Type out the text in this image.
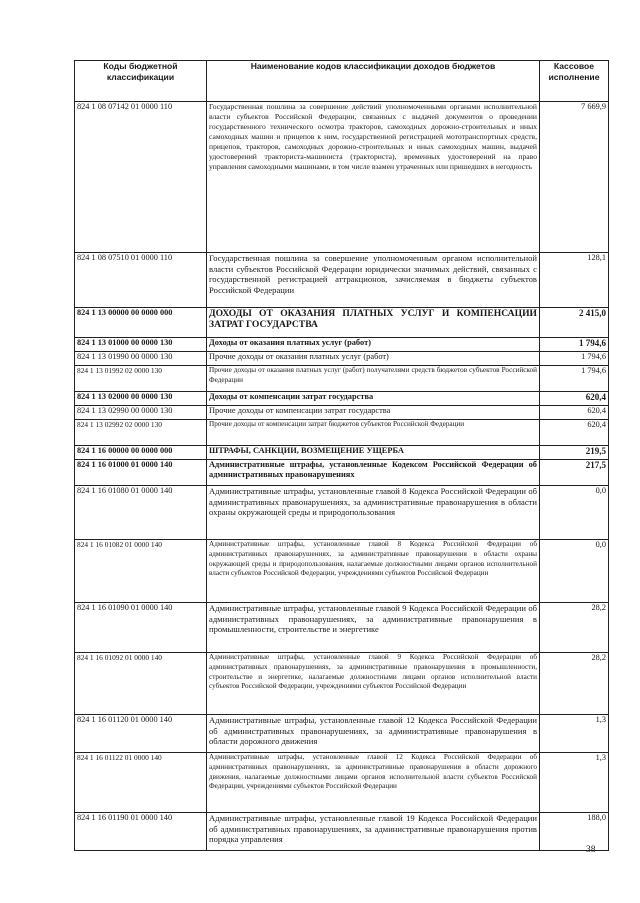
Коды бюджетной классификации	Наименование кодов классификации доходов бюджетов	Кассовое исполнение
824 1 08 07142 01 0000 110	Государственная пошлина за совершение действий уполномоченными органами исполнительной власти субъектов Российской Федерации, связанных с выдачей документов о проведении государственного технического осмотра тракторов, самоходных дорожно-строительных и иных самоходных машин и прицепов к ним, государственной регистрацией мототранспортных средств, прицепов, тракторов, самоходных дорожно-строительных и иных самоходных машин, выдачей удостоверений тракториста-машиниста (тракториста), временных удостоверений на право управления самоходными машинами, в том числе взамен утраченных или пришедших в негодность	7 669,9
824 1 08 07510 01 0000 110	Государственная пошлина за совершение уполномоченным органом исполнительной власти субъектов Российской Федерации юридически значимых действий, связанных с государственной регистрацией аттракционов, зачисляемая в бюджеты субъектов Российской Федерации	128,1
824 1 13 00000 00 0000 000	ДОХОДЫ ОТ ОКАЗАНИЯ ПЛАТНЫХ УСЛУГ И КОМПЕНСАЦИИ ЗАТРАТ ГОСУДАРСТВА	2 415,0
824 1 13 01000 00 0000 130	Доходы от оказания платных услуг (работ)	1 794,6
824 1 13 01990 00 0000 130	Прочие доходы от оказания платных услуг (работ)	1 794,6
824 1 13 01992 02 0000 130	Прочие доходы от оказания платных услуг (работ) получателями средств бюджетов субъектов Российской Федерации	1 794,6
824 1 13 02000 00 0000 130	Доходы от компенсации затрат государства	620,4
824 1 13 02990 00 0000 130	Прочие доходы от компенсации затрат государства	620,4
824 1 13 02992 02 0000 130	Прочие доходы от компенсации затрат бюджетов субъектов Российской Федерации	620,4
824 1 16 00000 00 0000 000	ШТРАФЫ, САНКЦИИ, ВОЗМЕЩЕНИЕ УЩЕРБА	219,5
824 1 16 01000 01 0000 140	Административные штрафы, установленные Кодексом Российской Федерации об административных правонарушениях	217,5
824 1 16 01080 01 0000 140	Административные штрафы, установленные главой 8 Кодекса Российской Федерации об административных правонарушениях, за административные правонарушения в области охраны окружающей среды и природопользования	0,0
824 1 16 01082 01 0000 140	Административные штрафы, установленные главой 8 Кодекса Российской Федерации об административных правонарушениях, за административные правонарушения в области охраны окружающей среды и природопользования, налагаемые должностными лицами органов исполнительной власти субъектов Российской Федерации, учреждениями субъектов Российской Федерации	0,0
824 1 16 01090 01 0000 140	Административные штрафы, установленные главой 9 Кодекса Российской Федерации об административных правонарушениях, за административные правонарушения в промышленности, строительстве и энергетике	28,2
824 1 16 01092 01 0000 140	Административные штрафы, установленные главой 9 Кодекса Российской Федерации об административных правонарушениях, за административные правонарушения в промышленности, строительстве и энергетике, налагаемые должностными лицами органов исполнительной власти субъектов Российской Федерации, учреждениями субъектов Российской Федерации	28,2
824 1 16 01120 01 0000 140	Административные штрафы, установленные главой 12 Кодекса Российской Федерации об административных правонарушениях, за административные правонарушения в области дорожного движения	1,3
824 1 16 01122 01 0000 140	Административные штрафы, установленные главой 12 Кодекса Российской Федерации об административных правонарушениях, за административные правонарушения в области дорожного движения, налагаемые должностными лицами органов исполнительной власти субъектов Российской Федерации, учреждениями субъектов Российской Федерации	1,3
824 1 16 01190 01 0000 140	Административные штрафы, установленные главой 19 Кодекса Российской Федерации об административных правонарушениях, за административные правонарушения против порядка управления	188,0
38
